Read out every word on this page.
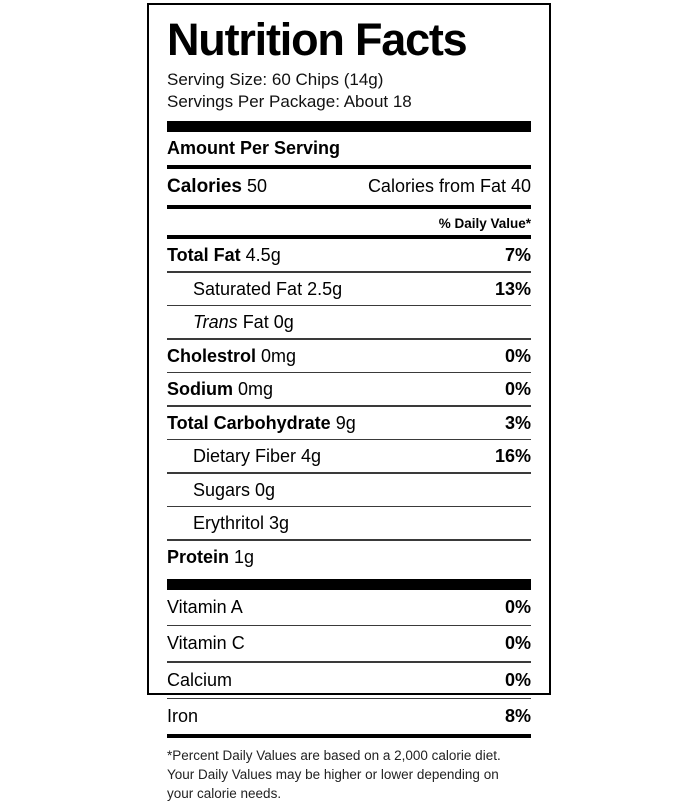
Nutrition Facts
Serving Size: 60 Chips (14g)
Servings Per Package: About 18
Amount Per Serving
Calories 50	Calories from Fat 40
% Daily Value*
Total Fat 4.5g	7%
Saturated Fat 2.5g	13%
Trans Fat 0g
Cholestrol 0mg	0%
Sodium 0mg	0%
Total Carbohydrate 9g	3%
Dietary Fiber 4g	16%
Sugars 0g
Erythritol 3g
Protein 1g
Vitamin A	0%
Vitamin C	0%
Calcium	0%
Iron	8%
*Percent Daily Values are based on a 2,000 calorie diet.
Your Daily Values may be higher or lower depending on
your calorie needs.
